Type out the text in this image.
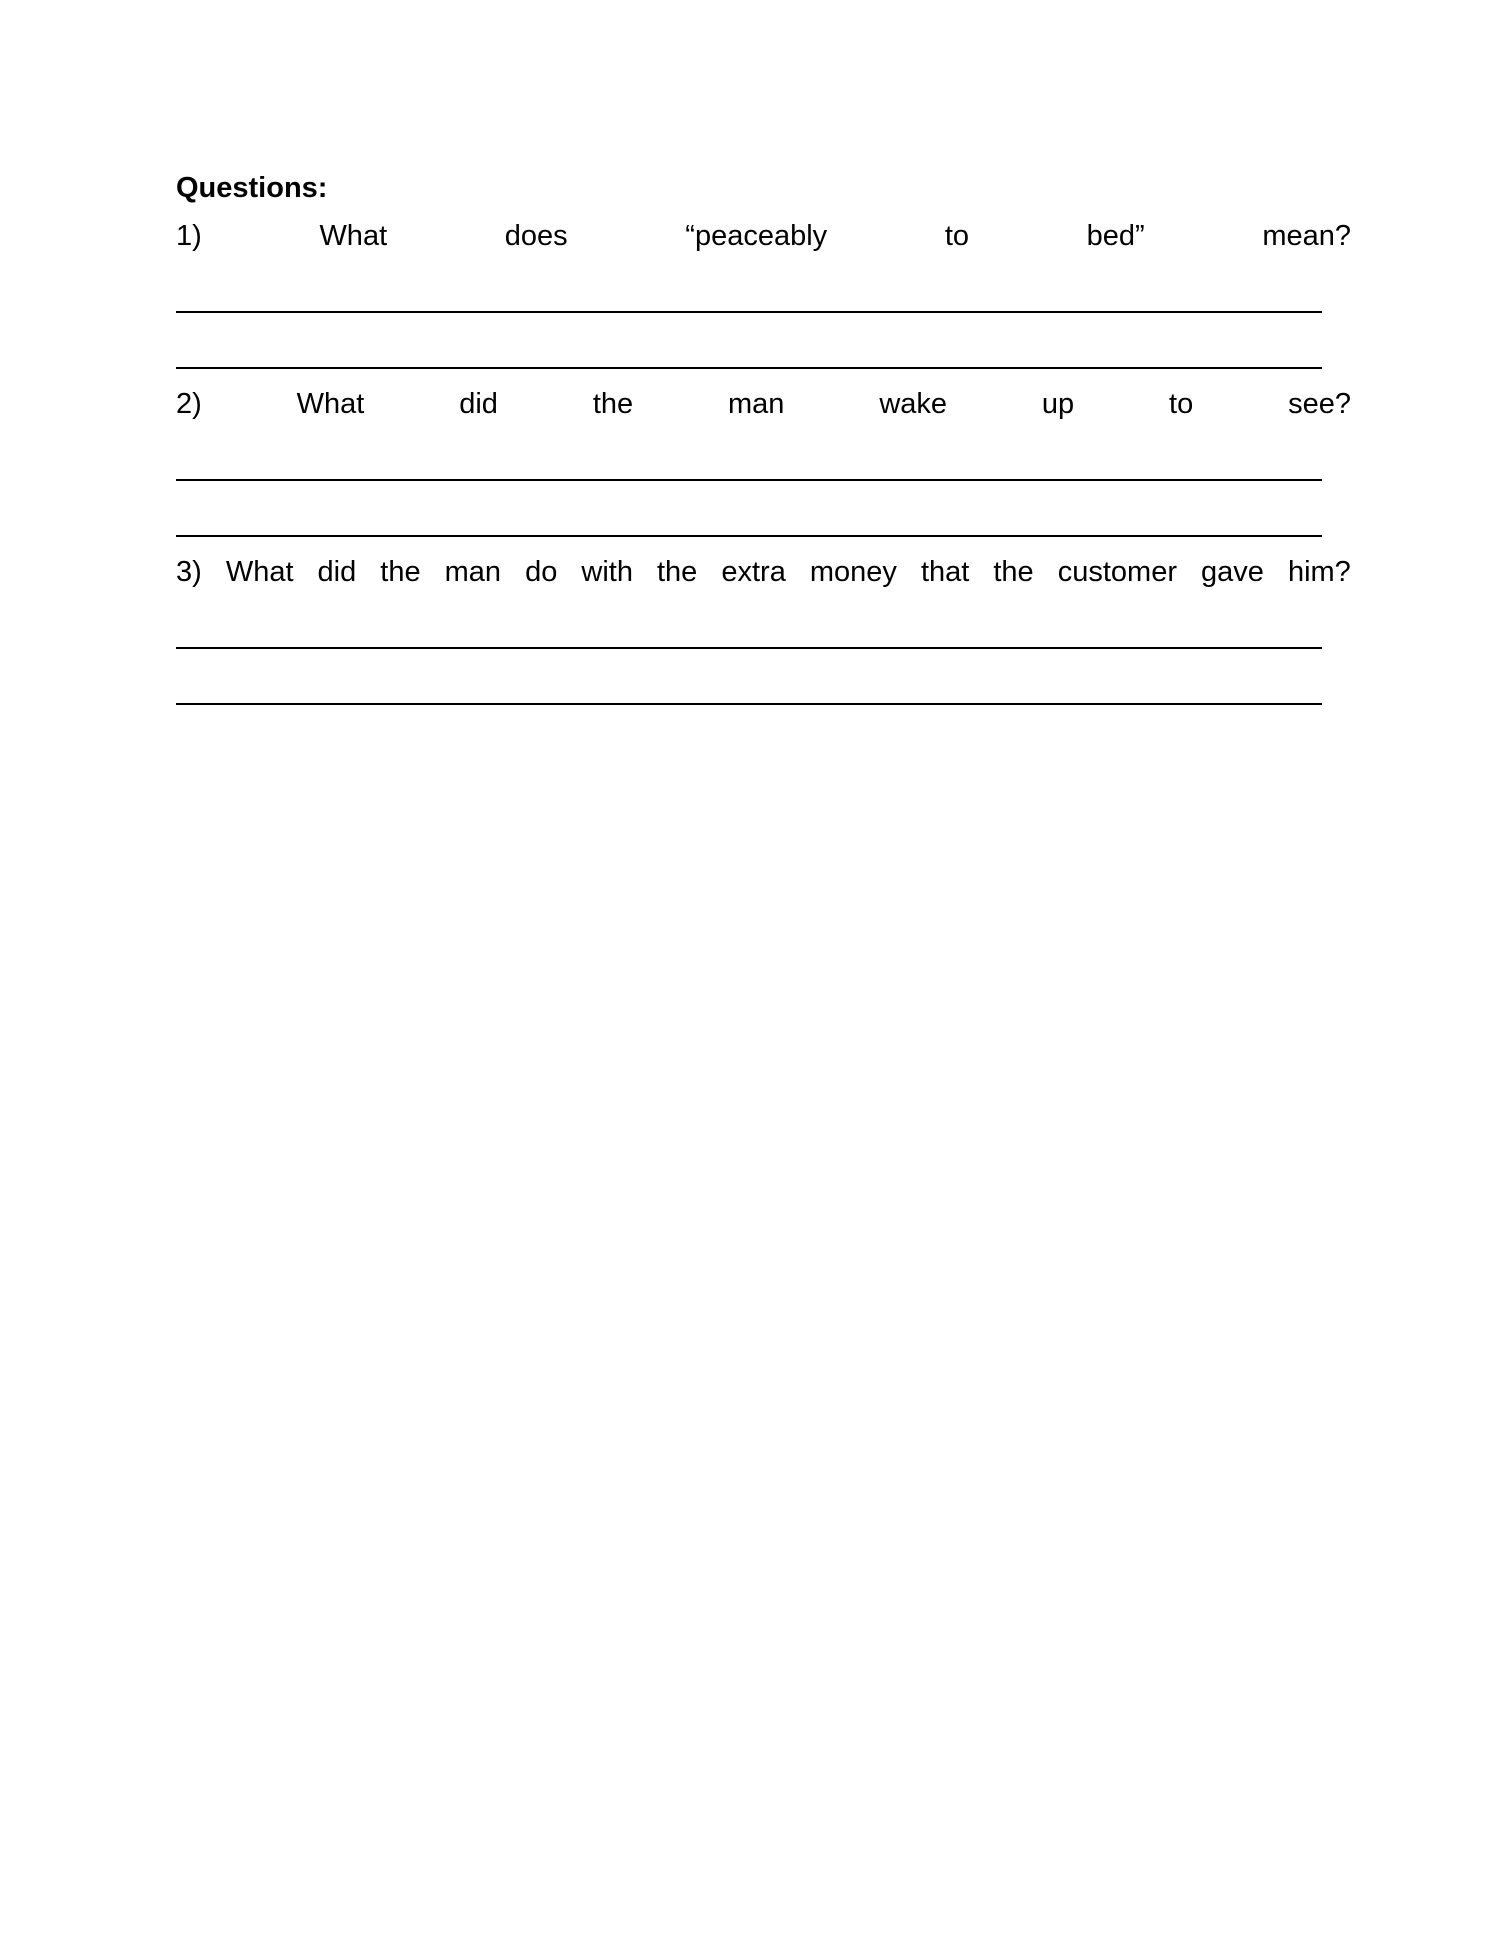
Questions:
1)	What	does	“peaceably	to	bed”	mean?
2)	What	did	the	man	wake	up	to	see?
3) What did the man do with the extra money that the customer gave him?
